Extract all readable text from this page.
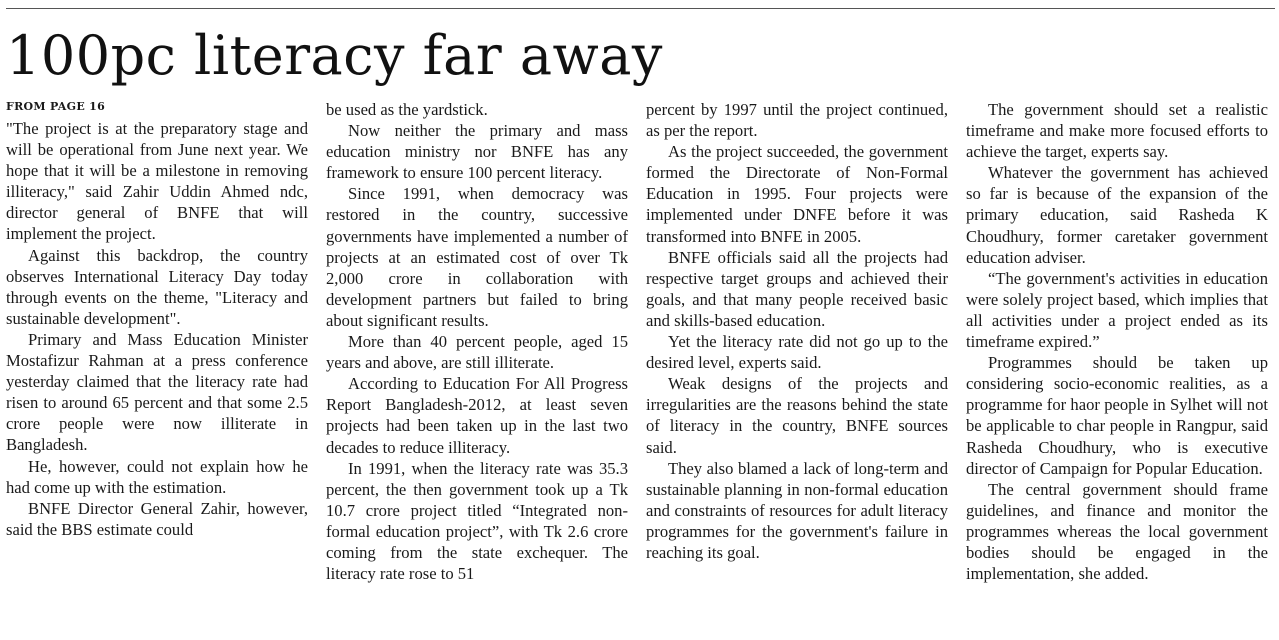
100pc literacy far away
FROM PAGE 16

"The project is at the preparatory stage and will be operational from June next year. We hope that it will be a milestone in removing illiteracy," said Zahir Uddin Ahmed ndc, director general of BNFE that will implement the project.

Against this backdrop, the country observes International Literacy Day today through events on the theme, "Literacy and sustainable development".

Primary and Mass Education Minister Mostafizur Rahman at a press conference yesterday claimed that the literacy rate had risen to around 65 percent and that some 2.5 crore people were now illiterate in Bangladesh.

He, however, could not explain how he had come up with the estimation.

BNFE Director General Zahir, however, said the BBS estimate could

be used as the yardstick.

Now neither the primary and mass education ministry nor BNFE has any framework to ensure 100 percent literacy.

Since 1991, when democracy was restored in the country, successive governments have implemented a number of projects at an estimated cost of over Tk 2,000 crore in collaboration with development partners but failed to bring about significant results.

More than 40 percent people, aged 15 years and above, are still illiterate.

According to Education For All Progress Report Bangladesh-2012, at least seven projects had been taken up in the last two decades to reduce illiteracy.

In 1991, when the literacy rate was 35.3 percent, the then government took up a Tk 10.7 crore project titled “Integrated non-formal education project”, with Tk 2.6 crore coming from the state exchequer. The literacy rate rose to 51

percent by 1997 until the project continued, as per the report.

As the project succeeded, the government formed the Directorate of Non-Formal Education in 1995. Four projects were implemented under DNFE before it was transformed into BNFE in 2005.

BNFE officials said all the projects had respective target groups and achieved their goals, and that many people received basic and skills-based education.

Yet the literacy rate did not go up to the desired level, experts said.

Weak designs of the projects and irregularities are the reasons behind the state of literacy in the country, BNFE sources said.

They also blamed a lack of long-term and sustainable planning in non-formal education and constraints of resources for adult literacy programmes for the government's failure in reaching its goal.

The government should set a realistic timeframe and make more focused efforts to achieve the target, experts say.

Whatever the government has achieved so far is because of the expansion of the primary education, said Rasheda K Choudhury, former caretaker government education adviser.

“The government's activities in education were solely project based, which implies that all activities under a project ended as its timeframe expired.”

Programmes should be taken up considering socio-economic realities, as a programme for haor people in Sylhet will not be applicable to char people in Rangpur, said Rasheda Choudhury, who is executive director of Campaign for Popular Education.

The central government should frame guidelines, and finance and monitor the programmes whereas the local government bodies should be engaged in the implementation, she added.
